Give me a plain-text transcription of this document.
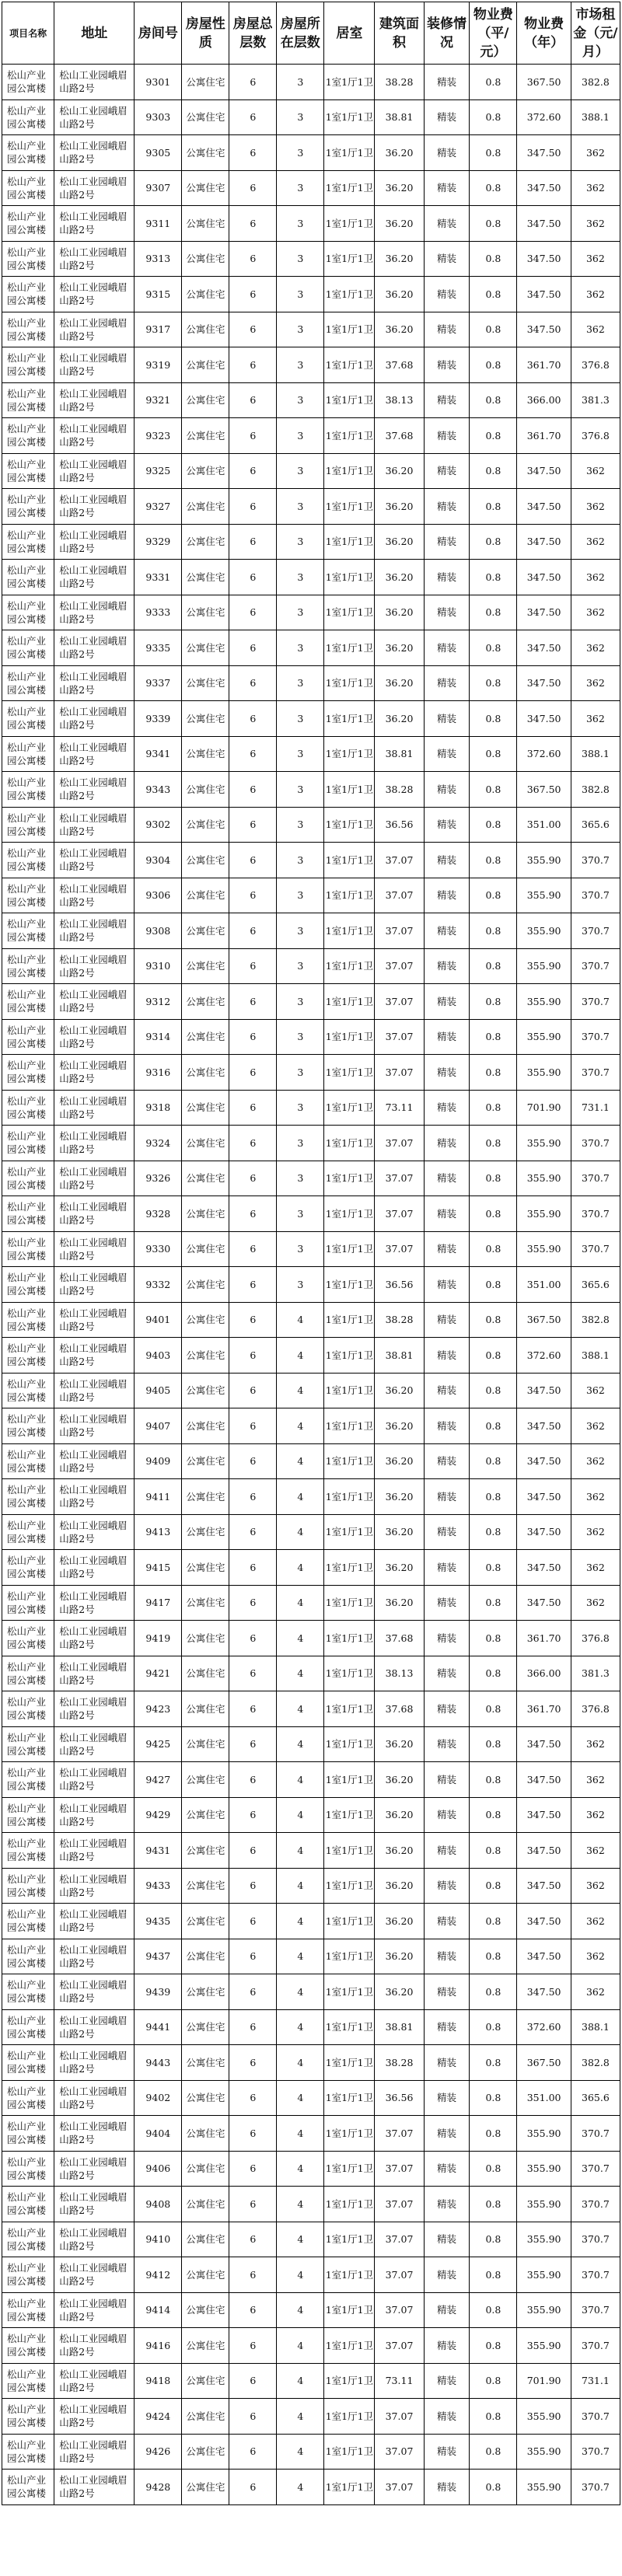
项目名称	地址	房间号	房屋性质	房屋总层数	房屋所在层数	居室	建筑面积	装修情况	物业费（平/元）	物业费（年）	市场租金（元/月）
松山产业园公寓楼	松山工业园峨眉山路2号	9301	公寓住宅	6	3	1室1厅1卫	38.28	精装	0.8	367.50	382.8
松山产业园公寓楼	松山工业园峨眉山路2号	9303	公寓住宅	6	3	1室1厅1卫	38.81	精装	0.8	372.60	388.1
松山产业园公寓楼	松山工业园峨眉山路2号	9305	公寓住宅	6	3	1室1厅1卫	36.20	精装	0.8	347.50	362
松山产业园公寓楼	松山工业园峨眉山路2号	9307	公寓住宅	6	3	1室1厅1卫	36.20	精装	0.8	347.50	362
松山产业园公寓楼	松山工业园峨眉山路2号	9311	公寓住宅	6	3	1室1厅1卫	36.20	精装	0.8	347.50	362
松山产业园公寓楼	松山工业园峨眉山路2号	9313	公寓住宅	6	3	1室1厅1卫	36.20	精装	0.8	347.50	362
松山产业园公寓楼	松山工业园峨眉山路2号	9315	公寓住宅	6	3	1室1厅1卫	36.20	精装	0.8	347.50	362
松山产业园公寓楼	松山工业园峨眉山路2号	9317	公寓住宅	6	3	1室1厅1卫	36.20	精装	0.8	347.50	362
松山产业园公寓楼	松山工业园峨眉山路2号	9319	公寓住宅	6	3	1室1厅1卫	37.68	精装	0.8	361.70	376.8
松山产业园公寓楼	松山工业园峨眉山路2号	9321	公寓住宅	6	3	1室1厅1卫	38.13	精装	0.8	366.00	381.3
松山产业园公寓楼	松山工业园峨眉山路2号	9323	公寓住宅	6	3	1室1厅1卫	37.68	精装	0.8	361.70	376.8
松山产业园公寓楼	松山工业园峨眉山路2号	9325	公寓住宅	6	3	1室1厅1卫	36.20	精装	0.8	347.50	362
松山产业园公寓楼	松山工业园峨眉山路2号	9327	公寓住宅	6	3	1室1厅1卫	36.20	精装	0.8	347.50	362
松山产业园公寓楼	松山工业园峨眉山路2号	9329	公寓住宅	6	3	1室1厅1卫	36.20	精装	0.8	347.50	362
松山产业园公寓楼	松山工业园峨眉山路2号	9331	公寓住宅	6	3	1室1厅1卫	36.20	精装	0.8	347.50	362
松山产业园公寓楼	松山工业园峨眉山路2号	9333	公寓住宅	6	3	1室1厅1卫	36.20	精装	0.8	347.50	362
松山产业园公寓楼	松山工业园峨眉山路2号	9335	公寓住宅	6	3	1室1厅1卫	36.20	精装	0.8	347.50	362
松山产业园公寓楼	松山工业园峨眉山路2号	9337	公寓住宅	6	3	1室1厅1卫	36.20	精装	0.8	347.50	362
松山产业园公寓楼	松山工业园峨眉山路2号	9339	公寓住宅	6	3	1室1厅1卫	36.20	精装	0.8	347.50	362
松山产业园公寓楼	松山工业园峨眉山路2号	9341	公寓住宅	6	3	1室1厅1卫	38.81	精装	0.8	372.60	388.1
松山产业园公寓楼	松山工业园峨眉山路2号	9343	公寓住宅	6	3	1室1厅1卫	38.28	精装	0.8	367.50	382.8
松山产业园公寓楼	松山工业园峨眉山路2号	9302	公寓住宅	6	3	1室1厅1卫	36.56	精装	0.8	351.00	365.6
松山产业园公寓楼	松山工业园峨眉山路2号	9304	公寓住宅	6	3	1室1厅1卫	37.07	精装	0.8	355.90	370.7
松山产业园公寓楼	松山工业园峨眉山路2号	9306	公寓住宅	6	3	1室1厅1卫	37.07	精装	0.8	355.90	370.7
松山产业园公寓楼	松山工业园峨眉山路2号	9308	公寓住宅	6	3	1室1厅1卫	37.07	精装	0.8	355.90	370.7
松山产业园公寓楼	松山工业园峨眉山路2号	9310	公寓住宅	6	3	1室1厅1卫	37.07	精装	0.8	355.90	370.7
松山产业园公寓楼	松山工业园峨眉山路2号	9312	公寓住宅	6	3	1室1厅1卫	37.07	精装	0.8	355.90	370.7
松山产业园公寓楼	松山工业园峨眉山路2号	9314	公寓住宅	6	3	1室1厅1卫	37.07	精装	0.8	355.90	370.7
松山产业园公寓楼	松山工业园峨眉山路2号	9316	公寓住宅	6	3	1室1厅1卫	37.07	精装	0.8	355.90	370.7
松山产业园公寓楼	松山工业园峨眉山路2号	9318	公寓住宅	6	3	1室1厅1卫	73.11	精装	0.8	701.90	731.1
松山产业园公寓楼	松山工业园峨眉山路2号	9324	公寓住宅	6	3	1室1厅1卫	37.07	精装	0.8	355.90	370.7
松山产业园公寓楼	松山工业园峨眉山路2号	9326	公寓住宅	6	3	1室1厅1卫	37.07	精装	0.8	355.90	370.7
松山产业园公寓楼	松山工业园峨眉山路2号	9328	公寓住宅	6	3	1室1厅1卫	37.07	精装	0.8	355.90	370.7
松山产业园公寓楼	松山工业园峨眉山路2号	9330	公寓住宅	6	3	1室1厅1卫	37.07	精装	0.8	355.90	370.7
松山产业园公寓楼	松山工业园峨眉山路2号	9332	公寓住宅	6	3	1室1厅1卫	36.56	精装	0.8	351.00	365.6
松山产业园公寓楼	松山工业园峨眉山路2号	9401	公寓住宅	6	4	1室1厅1卫	38.28	精装	0.8	367.50	382.8
松山产业园公寓楼	松山工业园峨眉山路2号	9403	公寓住宅	6	4	1室1厅1卫	38.81	精装	0.8	372.60	388.1
松山产业园公寓楼	松山工业园峨眉山路2号	9405	公寓住宅	6	4	1室1厅1卫	36.20	精装	0.8	347.50	362
松山产业园公寓楼	松山工业园峨眉山路2号	9407	公寓住宅	6	4	1室1厅1卫	36.20	精装	0.8	347.50	362
松山产业园公寓楼	松山工业园峨眉山路2号	9409	公寓住宅	6	4	1室1厅1卫	36.20	精装	0.8	347.50	362
松山产业园公寓楼	松山工业园峨眉山路2号	9411	公寓住宅	6	4	1室1厅1卫	36.20	精装	0.8	347.50	362
松山产业园公寓楼	松山工业园峨眉山路2号	9413	公寓住宅	6	4	1室1厅1卫	36.20	精装	0.8	347.50	362
松山产业园公寓楼	松山工业园峨眉山路2号	9415	公寓住宅	6	4	1室1厅1卫	36.20	精装	0.8	347.50	362
松山产业园公寓楼	松山工业园峨眉山路2号	9417	公寓住宅	6	4	1室1厅1卫	36.20	精装	0.8	347.50	362
松山产业园公寓楼	松山工业园峨眉山路2号	9419	公寓住宅	6	4	1室1厅1卫	37.68	精装	0.8	361.70	376.8
松山产业园公寓楼	松山工业园峨眉山路2号	9421	公寓住宅	6	4	1室1厅1卫	38.13	精装	0.8	366.00	381.3
松山产业园公寓楼	松山工业园峨眉山路2号	9423	公寓住宅	6	4	1室1厅1卫	37.68	精装	0.8	361.70	376.8
松山产业园公寓楼	松山工业园峨眉山路2号	9425	公寓住宅	6	4	1室1厅1卫	36.20	精装	0.8	347.50	362
松山产业园公寓楼	松山工业园峨眉山路2号	9427	公寓住宅	6	4	1室1厅1卫	36.20	精装	0.8	347.50	362
松山产业园公寓楼	松山工业园峨眉山路2号	9429	公寓住宅	6	4	1室1厅1卫	36.20	精装	0.8	347.50	362
松山产业园公寓楼	松山工业园峨眉山路2号	9431	公寓住宅	6	4	1室1厅1卫	36.20	精装	0.8	347.50	362
松山产业园公寓楼	松山工业园峨眉山路2号	9433	公寓住宅	6	4	1室1厅1卫	36.20	精装	0.8	347.50	362
松山产业园公寓楼	松山工业园峨眉山路2号	9435	公寓住宅	6	4	1室1厅1卫	36.20	精装	0.8	347.50	362
松山产业园公寓楼	松山工业园峨眉山路2号	9437	公寓住宅	6	4	1室1厅1卫	36.20	精装	0.8	347.50	362
松山产业园公寓楼	松山工业园峨眉山路2号	9439	公寓住宅	6	4	1室1厅1卫	36.20	精装	0.8	347.50	362
松山产业园公寓楼	松山工业园峨眉山路2号	9441	公寓住宅	6	4	1室1厅1卫	38.81	精装	0.8	372.60	388.1
松山产业园公寓楼	松山工业园峨眉山路2号	9443	公寓住宅	6	4	1室1厅1卫	38.28	精装	0.8	367.50	382.8
松山产业园公寓楼	松山工业园峨眉山路2号	9402	公寓住宅	6	4	1室1厅1卫	36.56	精装	0.8	351.00	365.6
松山产业园公寓楼	松山工业园峨眉山路2号	9404	公寓住宅	6	4	1室1厅1卫	37.07	精装	0.8	355.90	370.7
松山产业园公寓楼	松山工业园峨眉山路2号	9406	公寓住宅	6	4	1室1厅1卫	37.07	精装	0.8	355.90	370.7
松山产业园公寓楼	松山工业园峨眉山路2号	9408	公寓住宅	6	4	1室1厅1卫	37.07	精装	0.8	355.90	370.7
松山产业园公寓楼	松山工业园峨眉山路2号	9410	公寓住宅	6	4	1室1厅1卫	37.07	精装	0.8	355.90	370.7
松山产业园公寓楼	松山工业园峨眉山路2号	9412	公寓住宅	6	4	1室1厅1卫	37.07	精装	0.8	355.90	370.7
松山产业园公寓楼	松山工业园峨眉山路2号	9414	公寓住宅	6	4	1室1厅1卫	37.07	精装	0.8	355.90	370.7
松山产业园公寓楼	松山工业园峨眉山路2号	9416	公寓住宅	6	4	1室1厅1卫	37.07	精装	0.8	355.90	370.7
松山产业园公寓楼	松山工业园峨眉山路2号	9418	公寓住宅	6	4	1室1厅1卫	73.11	精装	0.8	701.90	731.1
松山产业园公寓楼	松山工业园峨眉山路2号	9424	公寓住宅	6	4	1室1厅1卫	37.07	精装	0.8	355.90	370.7
松山产业园公寓楼	松山工业园峨眉山路2号	9426	公寓住宅	6	4	1室1厅1卫	37.07	精装	0.8	355.90	370.7
松山产业园公寓楼	松山工业园峨眉山路2号	9428	公寓住宅	6	4	1室1厅1卫	37.07	精装	0.8	355.90	370.7
